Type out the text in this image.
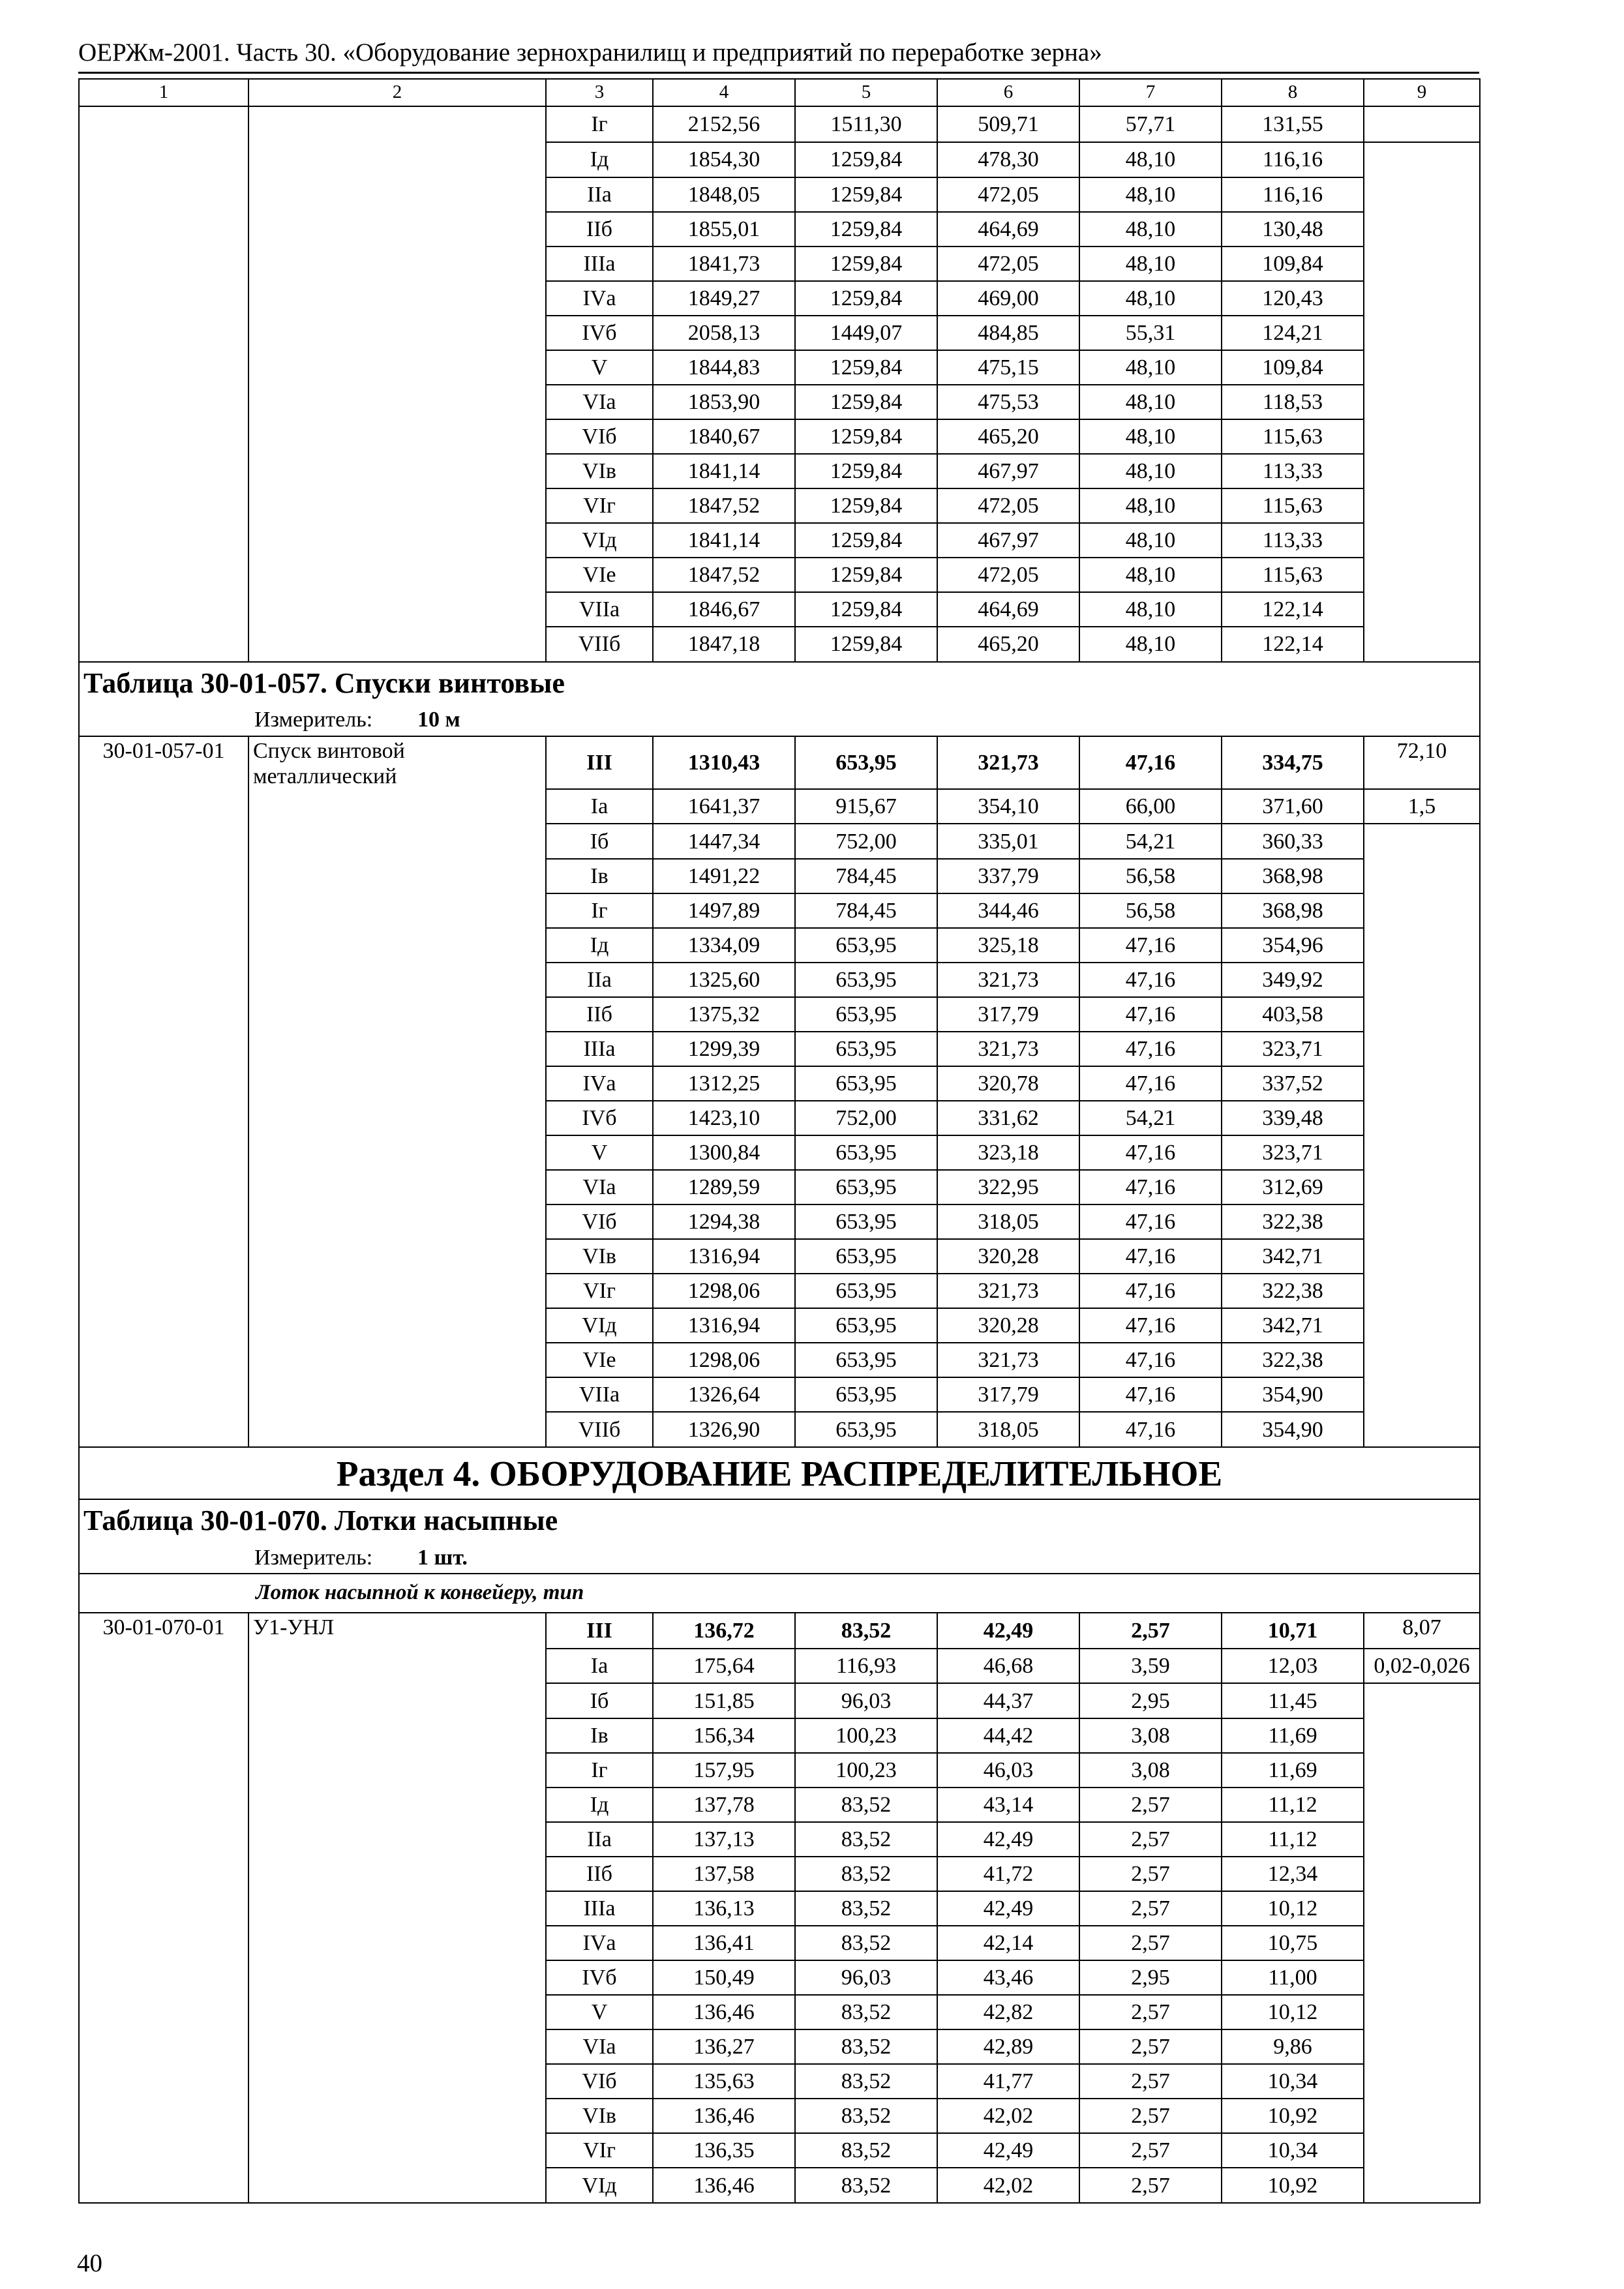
ОЕРЖм-2001. Часть 30. «Оборудование зернохранилищ и предприятий по переработке зерна»
1	2	3	4	5	6	7	8	9
		Iг	2152,56	1511,30	509,71	57,71	131,55	
		Iд	1854,30	1259,84	478,30	48,10	116,16	
		IIа	1848,05	1259,84	472,05	48,10	116,16	
		IIб	1855,01	1259,84	464,69	48,10	130,48	
		IIIа	1841,73	1259,84	472,05	48,10	109,84	
		IVа	1849,27	1259,84	469,00	48,10	120,43	
		IVб	2058,13	1449,07	484,85	55,31	124,21	
		V	1844,83	1259,84	475,15	48,10	109,84	
		VIа	1853,90	1259,84	475,53	48,10	118,53	
		VIб	1840,67	1259,84	465,20	48,10	115,63	
		VIв	1841,14	1259,84	467,97	48,10	113,33	
		VIг	1847,52	1259,84	472,05	48,10	115,63	
		VIд	1841,14	1259,84	467,97	48,10	113,33	
		VIе	1847,52	1259,84	472,05	48,10	115,63	
		VIIа	1846,67	1259,84	464,69	48,10	122,14	
		VIIб	1847,18	1259,84	465,20	48,10	122,14	
Таблица 30-01-057. Спуски винтовые								
Измеритель: 10 м								
30-01-057-01	Спуск винтовой металлический	III	1310,43	653,95	321,73	47,16	334,75	72,10
		Iа	1641,37	915,67	354,10	66,00	371,60	1,5
		Iб	1447,34	752,00	335,01	54,21	360,33	
		Iв	1491,22	784,45	337,79	56,58	368,98	
		Iг	1497,89	784,45	344,46	56,58	368,98	
		Iд	1334,09	653,95	325,18	47,16	354,96	
		IIа	1325,60	653,95	321,73	47,16	349,92	
		IIб	1375,32	653,95	317,79	47,16	403,58	
		IIIа	1299,39	653,95	321,73	47,16	323,71	
		IVа	1312,25	653,95	320,78	47,16	337,52	
		IVб	1423,10	752,00	331,62	54,21	339,48	
		V	1300,84	653,95	323,18	47,16	323,71	
		VIа	1289,59	653,95	322,95	47,16	312,69	
		VIб	1294,38	653,95	318,05	47,16	322,38	
		VIв	1316,94	653,95	320,28	47,16	342,71	
		VIг	1298,06	653,95	321,73	47,16	322,38	
		VIд	1316,94	653,95	320,28	47,16	342,71	
		VIе	1298,06	653,95	321,73	47,16	322,38	
		VIIа	1326,64	653,95	317,79	47,16	354,90	
		VIIб	1326,90	653,95	318,05	47,16	354,90	
Раздел 4. ОБОРУДОВАНИЕ РАСПРЕДЕЛИТЕЛЬНОЕ								
Таблица 30-01-070. Лотки насыпные								
Измеритель: 1 шт.								
Лоток насыпной к конвейеру, тип								
30-01-070-01	У1-УНЛ	III	136,72	83,52	42,49	2,57	10,71	8,07
		Iа	175,64	116,93	46,68	3,59	12,03	0,02-0,026
		Iб	151,85	96,03	44,37	2,95	11,45	
		Iв	156,34	100,23	44,42	3,08	11,69	
		Iг	157,95	100,23	46,03	3,08	11,69	
		Iд	137,78	83,52	43,14	2,57	11,12	
		IIа	137,13	83,52	42,49	2,57	11,12	
		IIб	137,58	83,52	41,72	2,57	12,34	
		IIIа	136,13	83,52	42,49	2,57	10,12	
		IVа	136,41	83,52	42,14	2,57	10,75	
		IVб	150,49	96,03	43,46	2,95	11,00	
		V	136,46	83,52	42,82	2,57	10,12	
		VIа	136,27	83,52	42,89	2,57	9,86	
		VIб	135,63	83,52	41,77	2,57	10,34	
		VIв	136,46	83,52	42,02	2,57	10,92	
		VIг	136,35	83,52	42,49	2,57	10,34	
		VIд	136,46	83,52	42,02	2,57	10,92	
40
